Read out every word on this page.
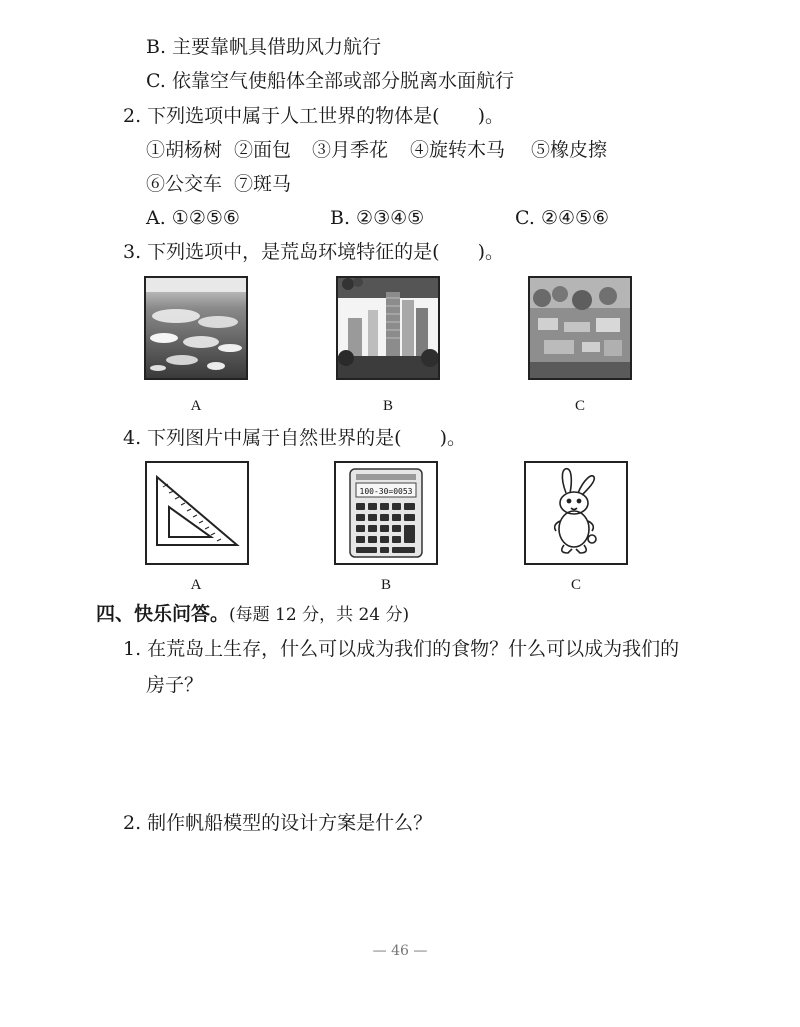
B. 主要靠帆具借助风力航行
C. 依靠空气使船体全部或部分脱离水面航行
2. 下列选项中属于人工世界的物体是(　　)。
①胡杨树 ②面包 ③月季花 ④旋转木马 ⑤橡皮擦
⑥公交车 ⑦斑马
A. ①②⑤⑥	B. ②③④⑤	C. ②④⑤⑥
3. 下列选项中，是荒岛环境特征的是(　　)。
A	B	C
4. 下列图片中属于自然世界的是(　　)。
100-30=0053
A	B	C
四、快乐问答。(每题 12 分，共 24 分)
1. 在荒岛上生存，什么可以成为我们的食物？什么可以成为我们的
房子？
2. 制作帆船模型的设计方案是什么？
— 46 —
